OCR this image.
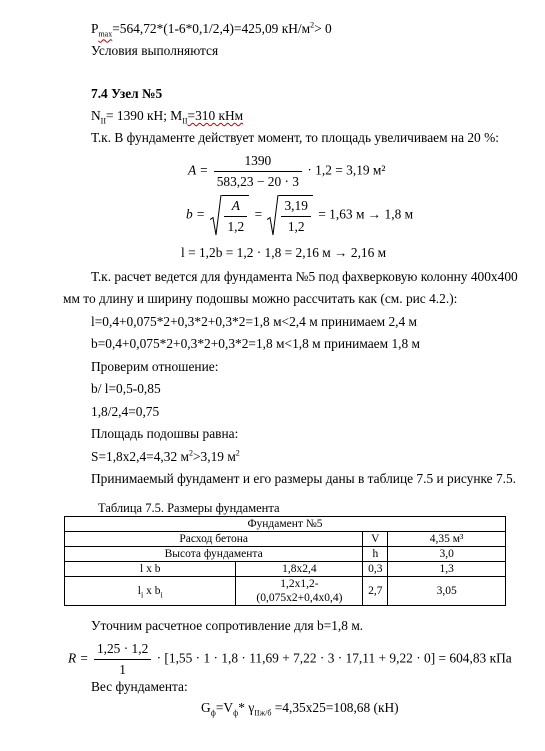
$P_{max}=564,72*(1-6*0,1/2,4)=425,09$ $кН/м^2> 0$
Условия выполняются
7.4 Узел №5
$N_{II}= 1390$ кН; $M_{II}=310$ кНм
Т.к. В фундаменте действует момент, то площадь увеличиваем на 20 %:
$A = \frac{1390}{583,23 - 20 \cdot 3} \cdot 1,2 = 3,19$ м²
$b = \frac{A}{1,2} = \frac{3,19}{1,2} = 1,63$ м → 1,8 м
l = 1,2b = 1,2 · 1,8 = 2,16 м → 2,16 м
Т.к. расчет ведется для фундамента №5 под фахверковую колонну 400х400
мм то длину и ширину подошвы можно рассчитать как (см. рис 4.2.):
l=0,4+0,075*2+0,3*2+0,3*2=1,8 м<2,4 м принимаем 2,4 м
b=0,4+0,075*2+0,3*2+0,3*2=1,8 м<1,8 м принимаем 1,8 м
Проверим отношение:
b/ l=0,5-0,85
1,8/2,4=0,75
Площадь подошвы равна:
S=1,8х2,4=4,32 $м^2>3,19$ $м^2$
Принимаемый фундамент и его размеры даны в таблице 7.5 и рисунке 7.5.
Таблица 7.5. Размеры фундамента
Фундамент №5			
Расход бетона		V	4,35 м³
Высота фундамента		h	3,0
l x b	1,8х2,4	0,3	1,3
$l_i$ x $b_i$	1,2х1,2-(0,075х2+0,4х0,4)	2,7	3,05
Уточним расчетное сопротивление для b=1,8 м.
$R = \frac{1,25 \cdot 1,2}{1} \cdot [1,55 \cdot 1 \cdot 1,8 \cdot 11,69 + 7,22 \cdot 3 \cdot 17,11 + 9,22 \cdot 0] = 604,83$ кПа
Вес фундамента:
$G_ф=V_ф*$ $\gamma_{IIж/б} =4,35х25=108,68$ (кН)
